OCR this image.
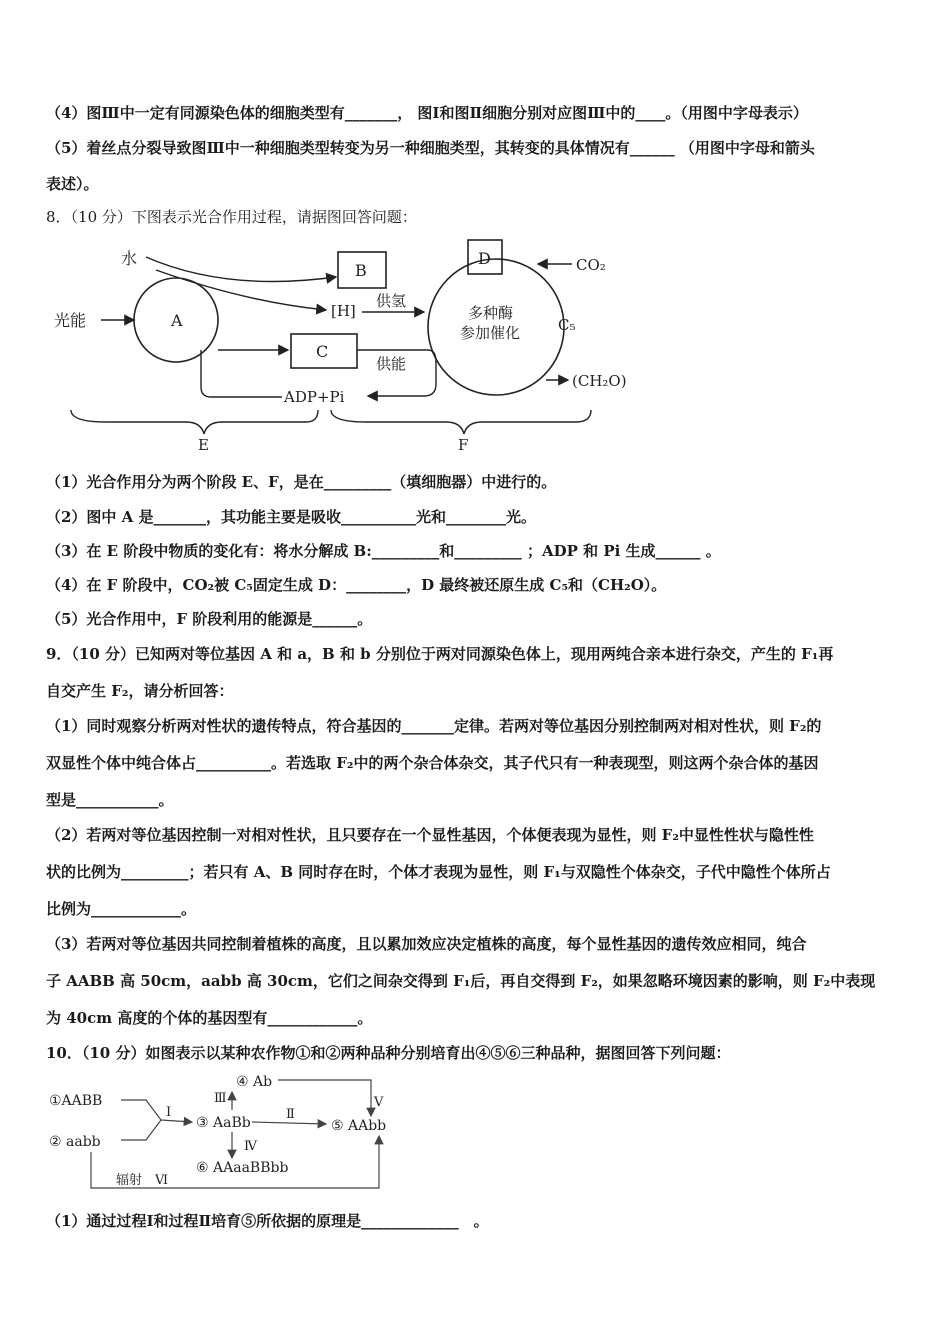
（4）图Ⅲ中一定有同源染色体的细胞类型有_______， 图Ⅰ和图Ⅱ细胞分别对应图Ⅲ中的____。（用图中字母表示）
（5）着丝点分裂导致图Ⅲ中一种细胞类型转变为另一种细胞类型，其转变的具体情况有______ （用图中字母和箭头
表述）。
8．（10 分）下图表示光合作用过程，请据图回答问题：
水
光能	A
B
[H]
供氢
C
供能
ADP+Pi
多种酶
参加催化
D	CO₂
C₅
(CH₂O)
E	F
（1）光合作用分为两个阶段 E、F，是在_________（填细胞器）中进行的。
（2）图中 A 是_______，其功能主要是吸收__________光和________光。
（3）在 E 阶段中物质的变化有：将水分解成 B:_________和_________ ；ADP 和 Pi 生成______ 。
（4）在 F 阶段中，CO₂被 C₅固定生成 D：________，D 最终被还原生成 C₅和（CH₂O）。
（5）光合作用中，F 阶段利用的能源是______。
9．（10 分）已知两对等位基因 A 和 a，B 和 b 分别位于两对同源染色体上，现用两纯合亲本进行杂交，产生的 F₁再
自交产生 F₂，请分析回答：
（1）同时观察分析两对性状的遗传特点，符合基因的_______定律。若两对等位基因分别控制两对相对性状，则 F₂的
双显性个体中纯合体占__________。若选取 F₂中的两个杂合体杂交，其子代只有一种表现型，则这两个杂合体的基因
型是___________。
（2）若两对等位基因控制一对相对性状，且只要存在一个显性基因，个体便表现为显性，则 F₂中显性性状与隐性性
状的比例为_________；若只有 A、B 同时存在时，个体才表现为显性，则 F₁与双隐性个体杂交，子代中隐性个体所占
比例为____________。
（3）若两对等位基因共同控制着植株的高度，且以累加效应决定植株的高度，每个显性基因的遗传效应相同，纯合
子 AABB 高 50cm，aabb 高 30cm，它们之间杂交得到 F₁后，再自交得到 F₂，如果忽略环境因素的影响，则 F₂中表现
为 40cm 高度的个体的基因型有____________。
10．（10 分）如图表示以某种农作物①和②两种品种分别培育出④⑤⑥三种品种，据图回答下列问题：
①AABB
② aabb
④ Ab
③ AaBb	⑤ AAbb
⑥ AAaaBBbb
Ⅰ	Ⅱ
Ⅲ
Ⅳ
Ⅴ
辐射　Ⅵ
（1）通过过程Ⅰ和过程Ⅱ培育⑤所依据的原理是_____________　。
